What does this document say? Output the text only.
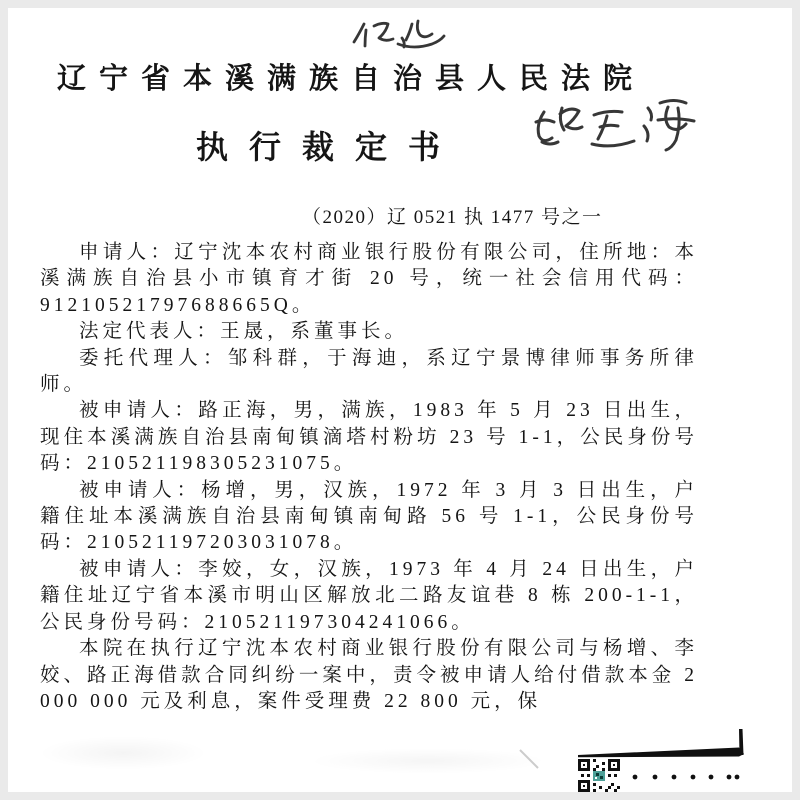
辽宁省本溪满族自治县人民法院
执行裁定书
（2020）辽 0521 执 1477 号之一

申请人：辽宁沈本农村商业银行股份有限公司，住所地：本溪满族自治县小市镇育才街 20 号，统一社会信用代码：91210521797688665Q。

法定代表人：王晟，系董事长。

委托代理人：邹科群，于海迪，系辽宁景博律师事务所律师。

被申请人：路正海，男，满族，1983 年 5 月 23 日出生，现住本溪满族自治县南甸镇滴塔村粉坊 23 号 1-1，公民身份号码：210521198305231075。

被申请人：杨增，男，汉族，1972 年 3 月 3 日出生，户籍住址本溪满族自治县南甸镇南甸路 56 号 1-1，公民身份号码：210521197203031078。

被申请人：李姣，女，汉族，1973 年 4 月 24 日出生，户籍住址辽宁省本溪市明山区解放北二路友谊巷 8 栋 200-1-1，公民身份号码：210521197304241066。

本院在执行辽宁沈本农村商业银行股份有限公司与杨增、李姣、路正海借款合同纠纷一案中，责令被申请人给付借款本金 2 000 000 元及利息，案件受理费 22 800 元，保
